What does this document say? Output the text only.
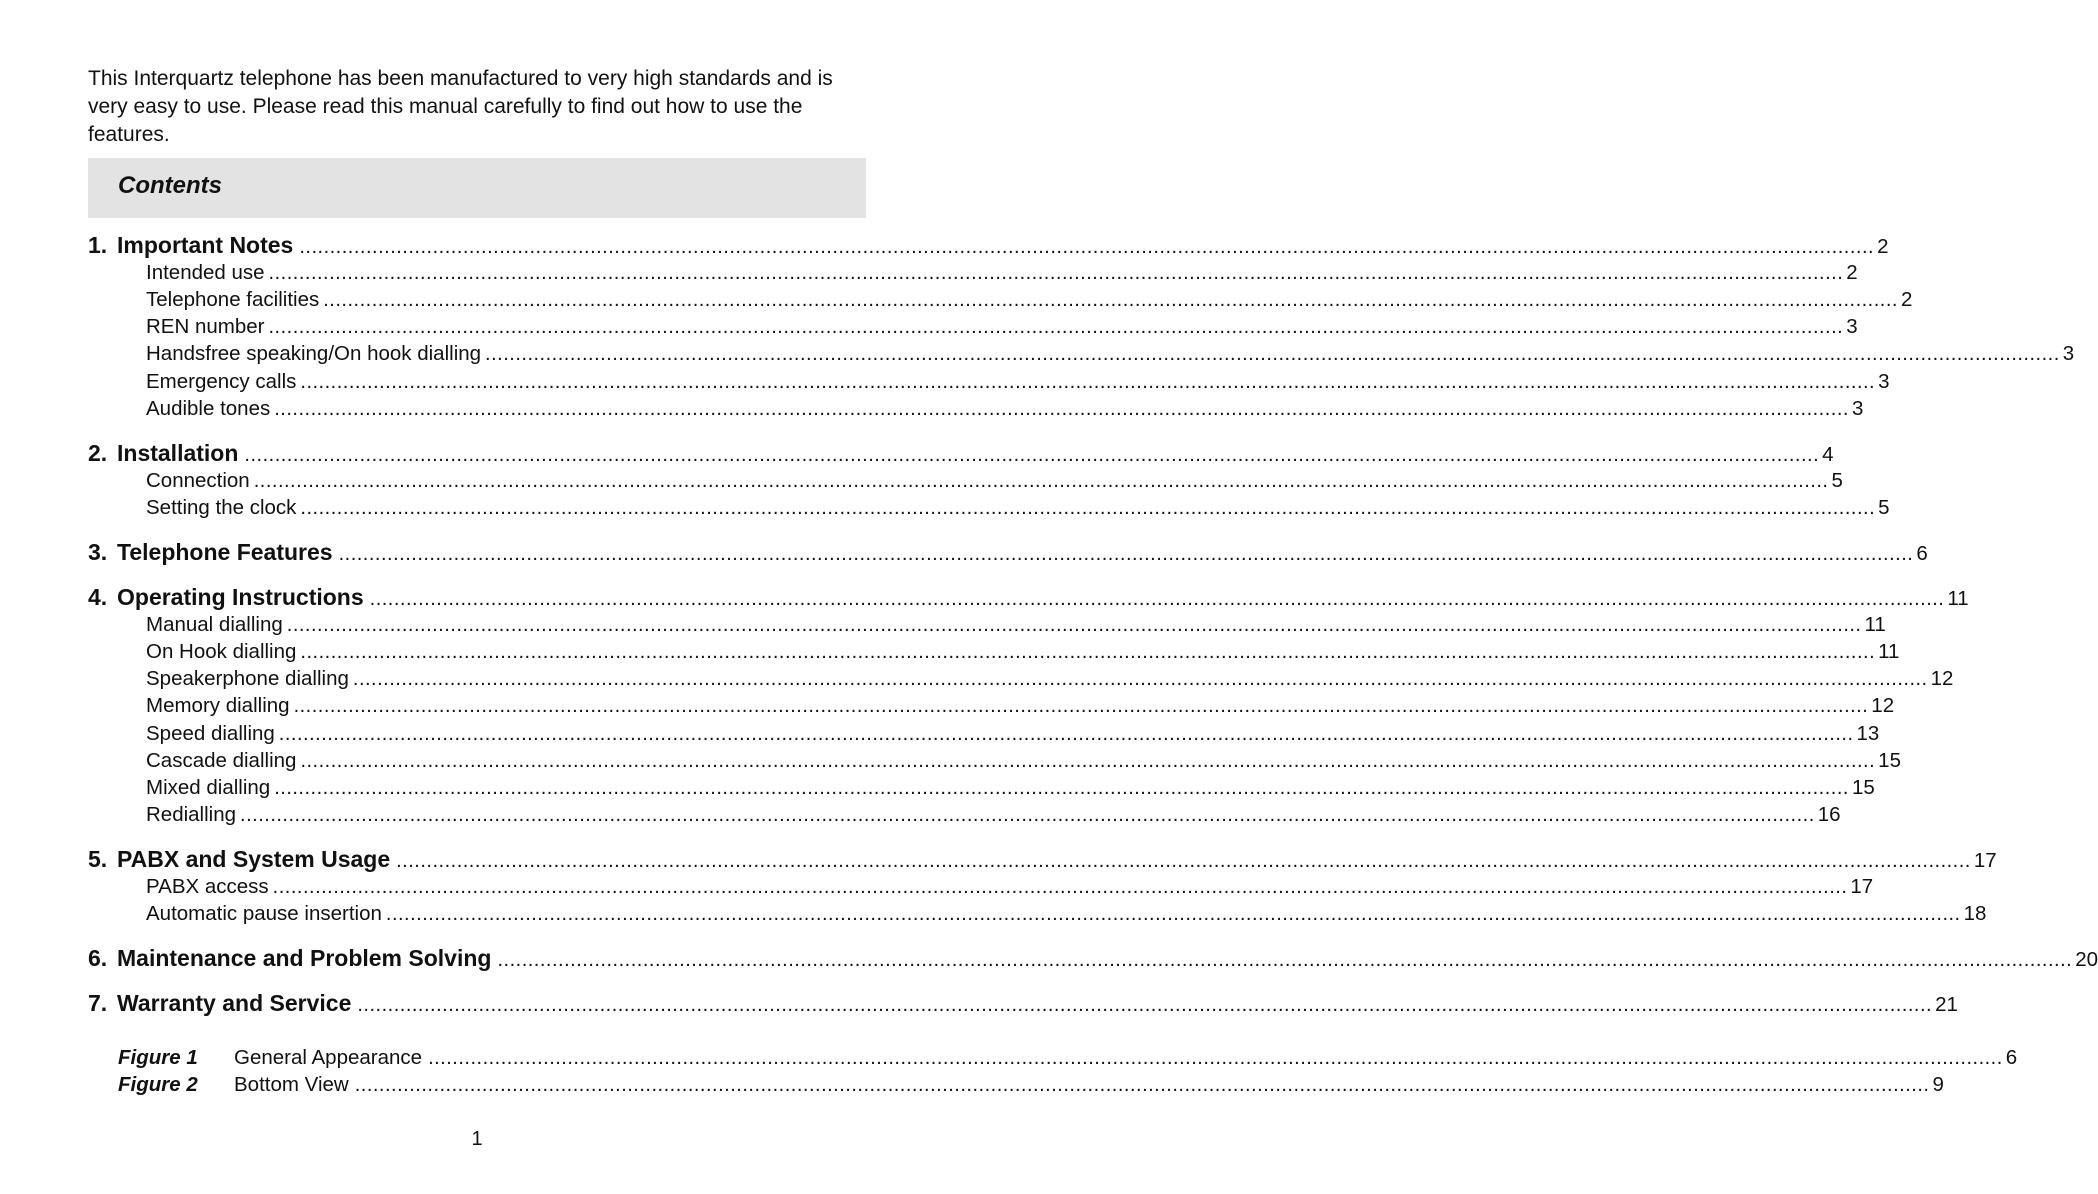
This Interquartz telephone has been manufactured to very high standards and is very easy to use. Please read this manual carefully to find out how to use the features.

Contents
1. Important Notes .................................................................................................................................................................................................................................................................... 2
Intended use .................................................................................................................................................................................................................................................................... 2
Telephone facilities .................................................................................................................................................................................................................................................................... 2
REN number .................................................................................................................................................................................................................................................................... 3
Handsfree speaking/On hook dialling .................................................................................................................................................................................................................................................................... 3
Emergency calls .................................................................................................................................................................................................................................................................... 3
Audible tones .................................................................................................................................................................................................................................................................... 3
2. Installation .................................................................................................................................................................................................................................................................... 4
Connection .................................................................................................................................................................................................................................................................... 5
Setting the clock .................................................................................................................................................................................................................................................................... 5
3. Telephone Features .................................................................................................................................................................................................................................................................... 6
4. Operating Instructions .................................................................................................................................................................................................................................................................... 11
Manual dialling .................................................................................................................................................................................................................................................................... 11
On Hook dialling .................................................................................................................................................................................................................................................................... 11
Speakerphone dialling .................................................................................................................................................................................................................................................................... 12
Memory dialling .................................................................................................................................................................................................................................................................... 12
Speed dialling .................................................................................................................................................................................................................................................................... 13
Cascade dialling .................................................................................................................................................................................................................................................................... 15
Mixed dialling .................................................................................................................................................................................................................................................................... 15
Redialling .................................................................................................................................................................................................................................................................... 16
5. PABX and System Usage .................................................................................................................................................................................................................................................................... 17
PABX access .................................................................................................................................................................................................................................................................... 17
Automatic pause insertion .................................................................................................................................................................................................................................................................... 18
6. Maintenance and Problem Solving .................................................................................................................................................................................................................................................................... 20
7. Warranty and Service .................................................................................................................................................................................................................................................................... 21
Figure 1	General Appearance .................................................................................................................................................................................................................................................................... 6
Figure 2	Bottom View .................................................................................................................................................................................................................................................................... 9
1
